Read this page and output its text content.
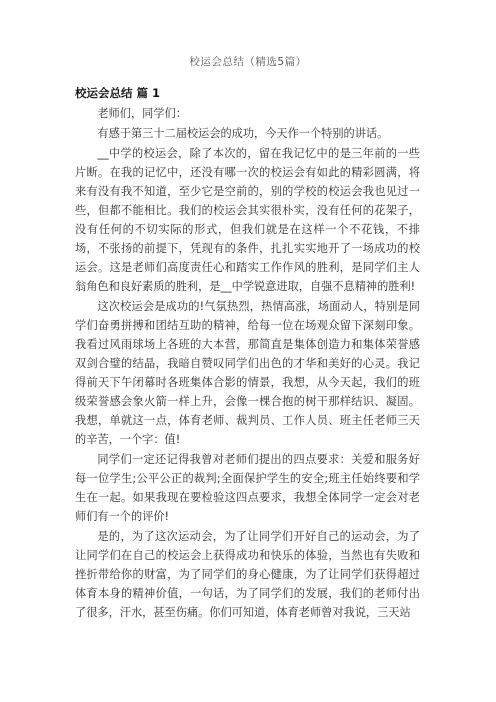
校运会总结（精选5篇）
校运会总结 篇 1

老师们，同学们：

有感于第三十二届校运会的成功，今天作一个特别的讲话。

__中学的校运会，除了本次的，留在我记忆中的是三年前的一些片断。在我的记忆中，还没有哪一次的校运会有如此的精彩圆满，将来有没有我不知道，至少它是空前的，别的学校的校运会我也见过一些，但都不能相比。我们的校运会其实很朴实，没有任何的花架子，没有任何的不切实际的形式，但我们就是在这样一个不花钱，不排场，不张扬的前提下，凭现有的条件，扎扎实实地开了一场成功的校运会。这是老师们高度责任心和踏实工作作风的胜利，是同学们主人翁角色和良好素质的胜利，是__中学锐意进取，自强不息精神的胜利!

这次校运会是成功的!气氛热烈，热情高涨，场面动人，特别是同学们奋勇拼搏和团结互助的精神，给每一位在场观众留下深刻印象。我看过风雨球场上各班的大本营，那简直是集体创造力和集体荣誉感双剑合璧的结晶，我暗自赞叹同学们出色的才华和美好的心灵。我记得前天下午闭幕时各班集体合影的情景，我想，从今天起，我们的班级荣誉感会象火箭一样上升，会像一棵合抱的树干那样结识、凝固。我想，单就这一点，体育老师、裁判员、工作人员、班主任老师三天的辛苦，一个字：值!

同学们一定还记得我曾对老师们提出的四点要求：关爱和服务好每一位学生;公平公正的裁判;全面保护学生的安全;班主任始终要和学生在一起。如果我现在要检验这四点要求，我想全体同学一定会对老师们有一个的评价!

是的，为了这次运动会，为了让同学们开好自己的运动会，为了让同学们在自己的校运会上获得成功和快乐的体验，当然也有失败和挫折带给你的财富，为了同学们的身心健康，为了让同学们获得超过体育本身的精神价值，一句话，为了同学们的发展，我们的老师付出了很多，汗水，甚至伤痛。你们可知道，体育老师曾对我说，三天站
